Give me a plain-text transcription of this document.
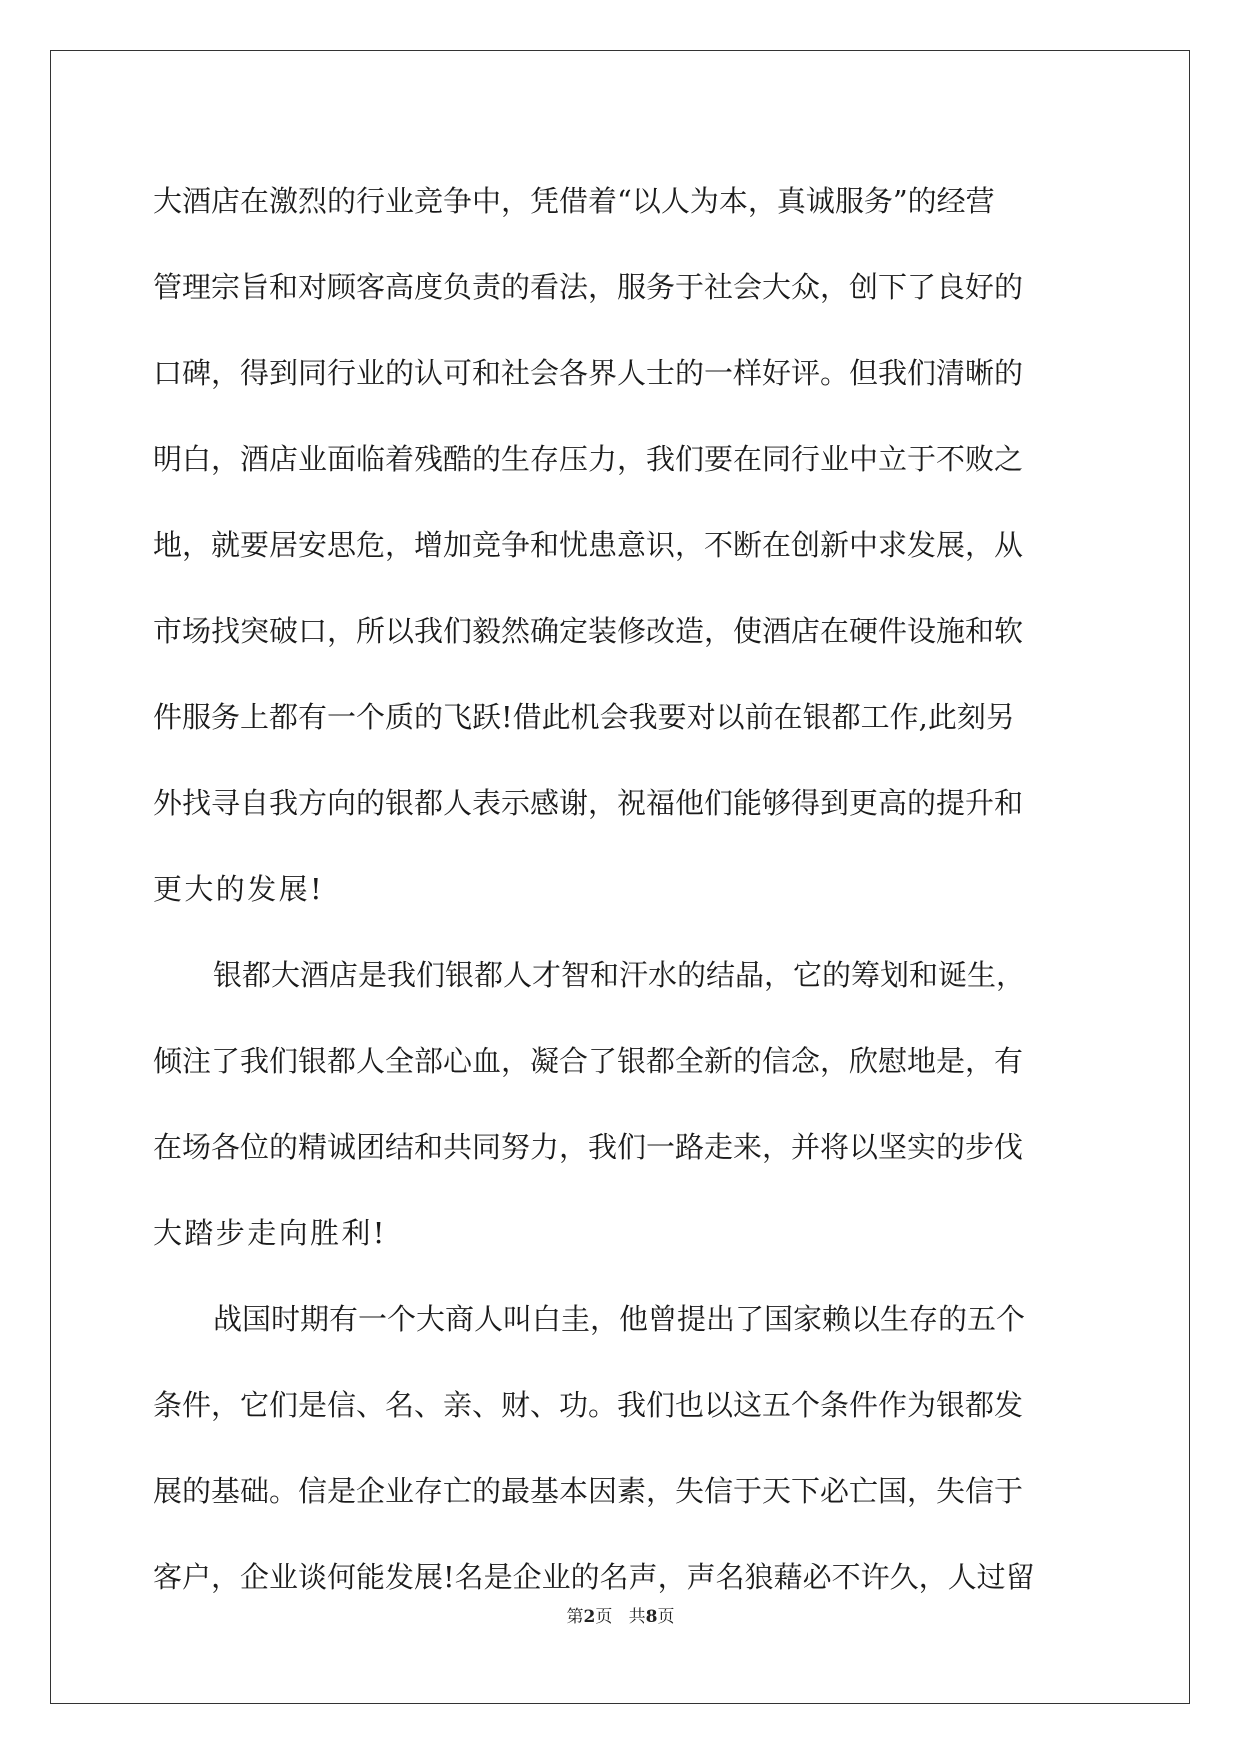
大酒店在激烈的行业竞争中，凭借着“以人为本，真诚服务”的经营
管理宗旨和对顾客高度负责的看法，服务于社会大众，创下了良好的
口碑，得到同行业的认可和社会各界人士的一样好评。但我们清晰的
明白，酒店业面临着残酷的生存压力，我们要在同行业中立于不败之
地，就要居安思危，增加竞争和忧患意识，不断在创新中求发展，从
市场找突破口，所以我们毅然确定装修改造，使酒店在硬件设施和软
件服务上都有一个质的飞跃!借此机会我要对以前在银都工作,此刻另
外找寻自我方向的银都人表示感谢，祝福他们能够得到更高的提升和
更大的发展!
银都大酒店是我们银都人才智和汗水的结晶，它的筹划和诞生，
倾注了我们银都人全部心血，凝合了银都全新的信念，欣慰地是，有
在场各位的精诚团结和共同努力，我们一路走来，并将以坚实的步伐
大踏步走向胜利!
战国时期有一个大商人叫白圭，他曾提出了国家赖以生存的五个
条件，它们是信、名、亲、财、功。我们也以这五个条件作为银都发
展的基础。信是企业存亡的最基本因素，失信于天下必亡国，失信于
客户，企业谈何能发展!名是企业的名声，声名狼藉必不许久，人过留
第2页 共8页
